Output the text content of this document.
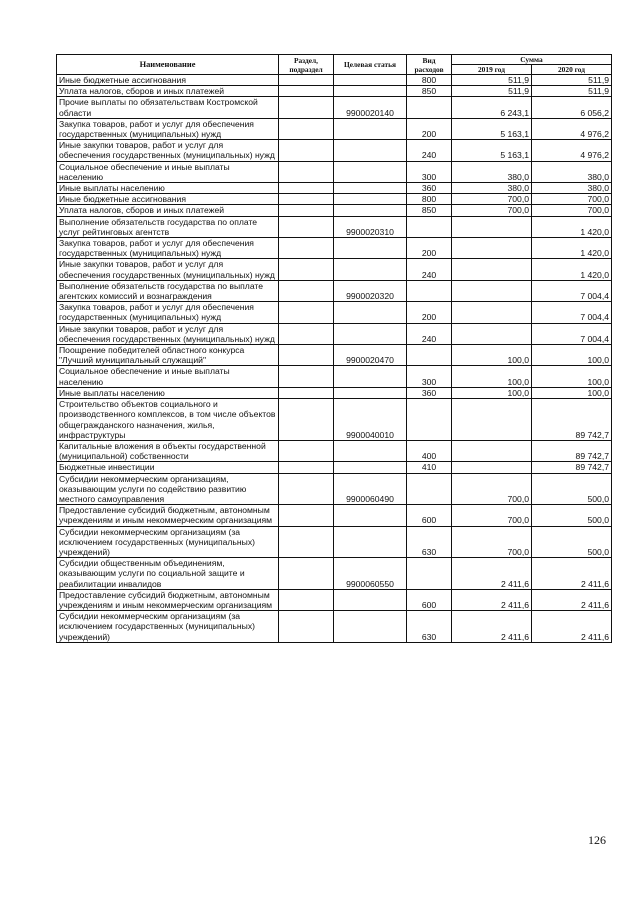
Наименование	Раздел, подраздел	Целевая статья	Вид расходов	Сумма	
				2019 год	2020 год
Иные бюджетные ассигнования			800	511,9	511,9
Уплата налогов, сборов и иных платежей			850	511,9	511,9
Прочие выплаты по обязательствам Костромской области		9900020140		6 243,1	6 056,2
Закупка товаров, работ и услуг для обеспечения государственных (муниципальных) нужд			200	5 163,1	4 976,2
Иные закупки товаров, работ и услуг для обеспечения государственных (муниципальных) нужд			240	5 163,1	4 976,2
Социальное обеспечение и иные выплаты населению			300	380,0	380,0
Иные выплаты населению			360	380,0	380,0
Иные бюджетные ассигнования			800	700,0	700,0
Уплата налогов, сборов и иных платежей			850	700,0	700,0
Выполнение обязательств государства по оплате услуг рейтинговых агентств		9900020310			1 420,0
Закупка товаров, работ и услуг для обеспечения государственных (муниципальных) нужд			200		1 420,0
Иные закупки товаров, работ и услуг для обеспечения государственных (муниципальных) нужд			240		1 420,0
Выполнение обязательств государства по выплате агентских комиссий и вознаграждения		9900020320			7 004,4
Закупка товаров, работ и услуг для обеспечения государственных (муниципальных) нужд			200		7 004,4
Иные закупки товаров, работ и услуг для обеспечения государственных (муниципальных) нужд			240		7 004,4
Поощрение победителей областного конкурса "Лучший муниципальный служащий"		9900020470		100,0	100,0
Социальное обеспечение и иные выплаты населению			300	100,0	100,0
Иные выплаты населению			360	100,0	100,0
Строительство объектов социального и производственного комплексов, в том числе объектов общегражданского назначения, жилья, инфраструктуры		9900040010			89 742,7
Капитальные вложения в объекты государственной (муниципальной) собственности			400		89 742,7
Бюджетные инвестиции			410		89 742,7
Субсидии некоммерческим организациям, оказывающим услуги по содействию развитию местного самоуправления		9900060490		700,0	500,0
Предоставление субсидий бюджетным, автономным учреждениям и иным некоммерческим организациям			600	700,0	500,0
Субсидии некоммерческим организациям (за исключением государственных (муниципальных) учреждений)			630	700,0	500,0
Субсидии общественным объединениям, оказывающим услуги по социальной защите и реабилитации инвалидов		9900060550		2 411,6	2 411,6
Предоставление субсидий бюджетным, автономным учреждениям и иным некоммерческим организациям			600	2 411,6	2 411,6
Субсидии некоммерческим организациям (за исключением государственных (муниципальных) учреждений)			630	2 411,6	2 411,6
126
